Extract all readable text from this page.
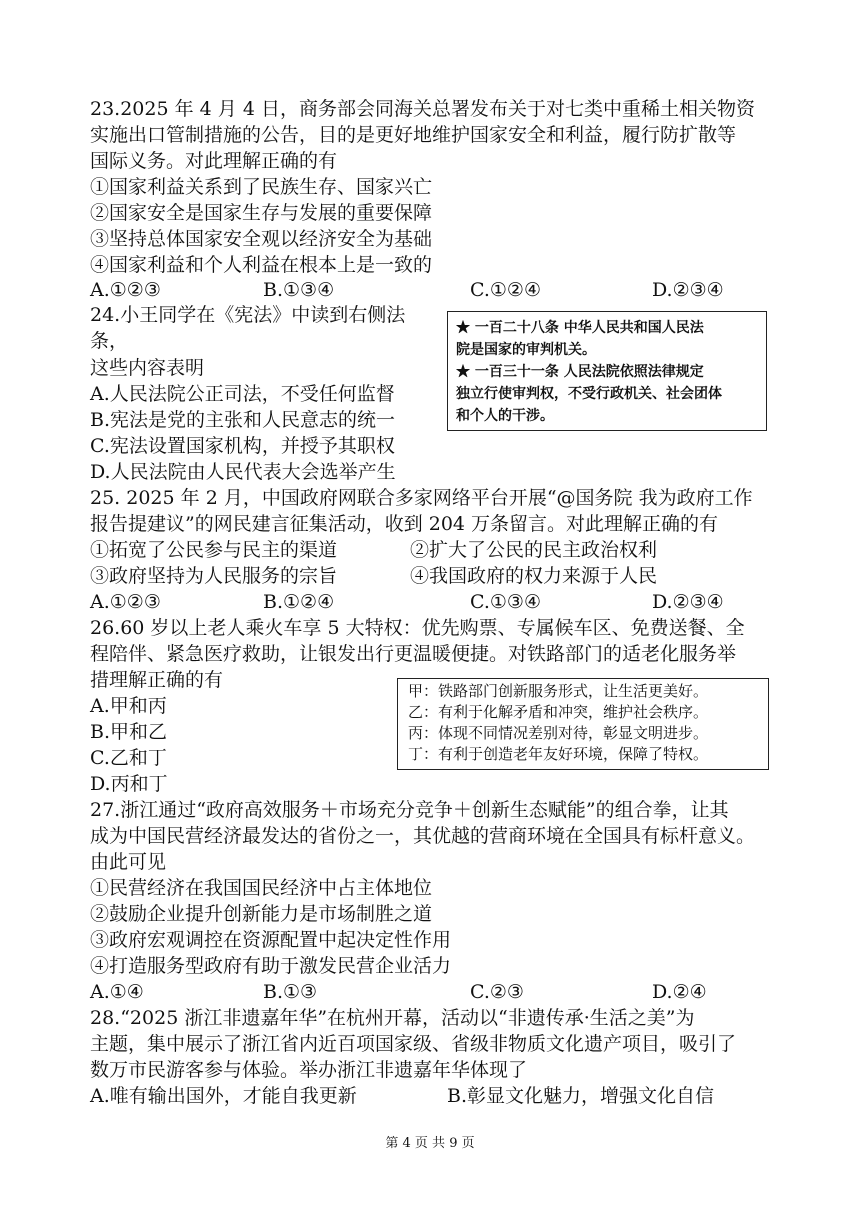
23.2025 年 4 月 4 日，商务部会同海关总署发布关于对七类中重稀土相关物资
实施出口管制措施的公告，目的是更好地维护国家安全和利益，履行防扩散等
国际义务。对此理解正确的有
①国家利益关系到了民族生存、国家兴亡
②国家安全是国家生存与发展的重要保障
③坚持总体国家安全观以经济安全为基础
④国家利益和个人利益在根本上是一致的
A.①②③	B.①③④	C.①②④	D.②③④
24.小王同学在《宪法》中读到右侧法
条，
这些内容表明
A.人民法院公正司法，不受任何监督
B.宪法是党的主张和人民意志的统一
C.宪法设置国家机构，并授予其职权
D.人民法院由人民代表大会选举产生
★ 一百二十八条 中华人民共和国人民法
院是国家的审判机关。
★ 一百三十一条 人民法院依照法律规定
独立行使审判权，不受行政机关、社会团体
和个人的干涉。
25. 2025 年 2 月，中国政府网联合多家网络平台开展“@国务院 我为政府工作
报告提建议”的网民建言征集活动，收到 204 万条留言。对此理解正确的有
①拓宽了公民参与民主的渠道	②扩大了公民的民主政治权利
③政府坚持为人民服务的宗旨	④我国政府的权力来源于人民
A.①②③	B.①②④	C.①③④	D.②③④
26.60 岁以上老人乘火车享 5 大特权：优先购票、专属候车区、免费送餐、全
程陪伴、紧急医疗救助，让银发出行更温暖便捷。对铁路部门的适老化服务举
措理解正确的有
A.甲和丙
B.甲和乙
C.乙和丁
D.丙和丁
甲：铁路部门创新服务形式，让生活更美好。
乙：有利于化解矛盾和冲突，维护社会秩序。
丙：体现不同情况差别对待，彰显文明进步。
丁：有利于创造老年友好环境，保障了特权。
27.浙江通过“政府高效服务＋市场充分竞争＋创新生态赋能”的组合拳，让其
成为中国民营经济最发达的省份之一，其优越的营商环境在全国具有标杆意义。
由此可见
①民营经济在我国国民经济中占主体地位
②鼓励企业提升创新能力是市场制胜之道
③政府宏观调控在资源配置中起决定性作用
④打造服务型政府有助于激发民营企业活力
A.①④	B.①③	C.②③	D.②④
28.“2025 浙江非遗嘉年华”在杭州开幕，活动以“非遗传承·生活之美”为
主题，集中展示了浙江省内近百项国家级、省级非物质文化遗产项目，吸引了
数万市民游客参与体验。举办浙江非遗嘉年华体现了
A.唯有输出国外，才能自我更新	B.彰显文化魅力，增强文化自信
第 4 页 共 9 页
